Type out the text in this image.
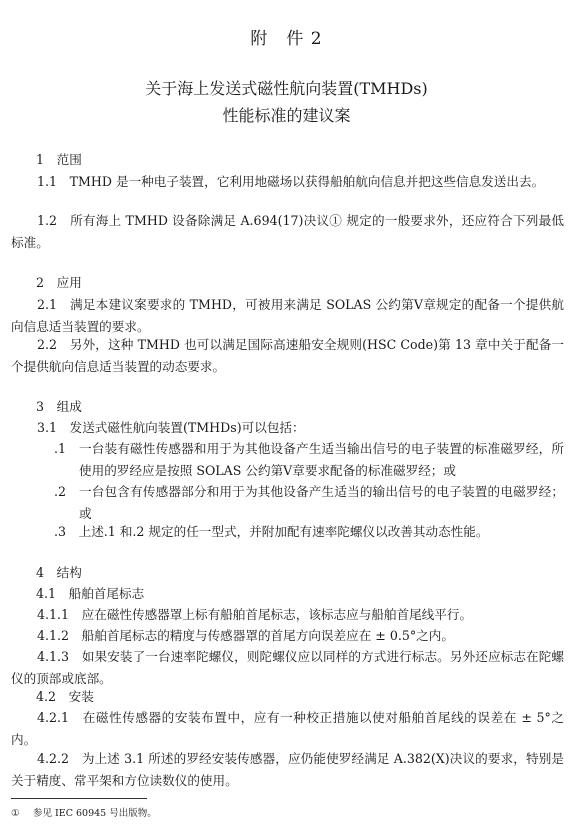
附　件 2
关于海上发送式磁性航向装置(TMHDs)
性能标准的建议案

1　范围

1.1　TMHD 是一种电子装置，它利用地磁场以获得船舶航向信息并把这些信息发送出去。

1.2　所有海上 TMHD 设备除满足 A.694(17)决议① 规定的一般要求外，还应符合下列最低标准。

2　应用

2.1　满足本建议案要求的 TMHD，可被用来满足 SOLAS 公约第Ⅴ章规定的配备一个提供航向信息适当装置的要求。

2.2　另外，这种 TMHD 也可以满足国际高速船安全规则(HSC Code)第 13 章中关于配备一个提供航向信息适当装置的动态要求。

3　组成

3.1　发送式磁性航向装置(TMHDs)可以包括：

.1　一台装有磁性传感器和用于为其他设备产生适当输出信号的电子装置的标准磁罗经，所使用的罗经应是按照 SOLAS 公约第Ⅴ章要求配备的标准磁罗经；或

.2　一台包含有传感器部分和用于为其他设备产生适当的输出信号的电子装置的电磁罗经；或

.3　上述.1 和.2 规定的任一型式，并附加配有速率陀螺仪以改善其动态性能。

4　结构

4.1　船舶首尾标志

4.1.1　应在磁性传感器罩上标有船舶首尾标志，该标志应与船舶首尾线平行。

4.1.2　船舶首尾标志的精度与传感器罩的首尾方向误差应在 ± 0.5°之内。

4.1.3　如果安装了一台速率陀螺仪，则陀螺仪应以同样的方式进行标志。另外还应标志在陀螺仪的顶部或底部。

4.2　安装

4.2.1　在磁性传感器的安装布置中，应有一种校正措施以使对船舶首尾线的误差在 ± 5°之内。

4.2.2　为上述 3.1 所述的罗经安装传感器，应仍能使罗经满足 A.382(X)决议的要求，特别是关于精度、常平架和方位读数仪的使用。

① 参见 IEC 60945 号出版物。
